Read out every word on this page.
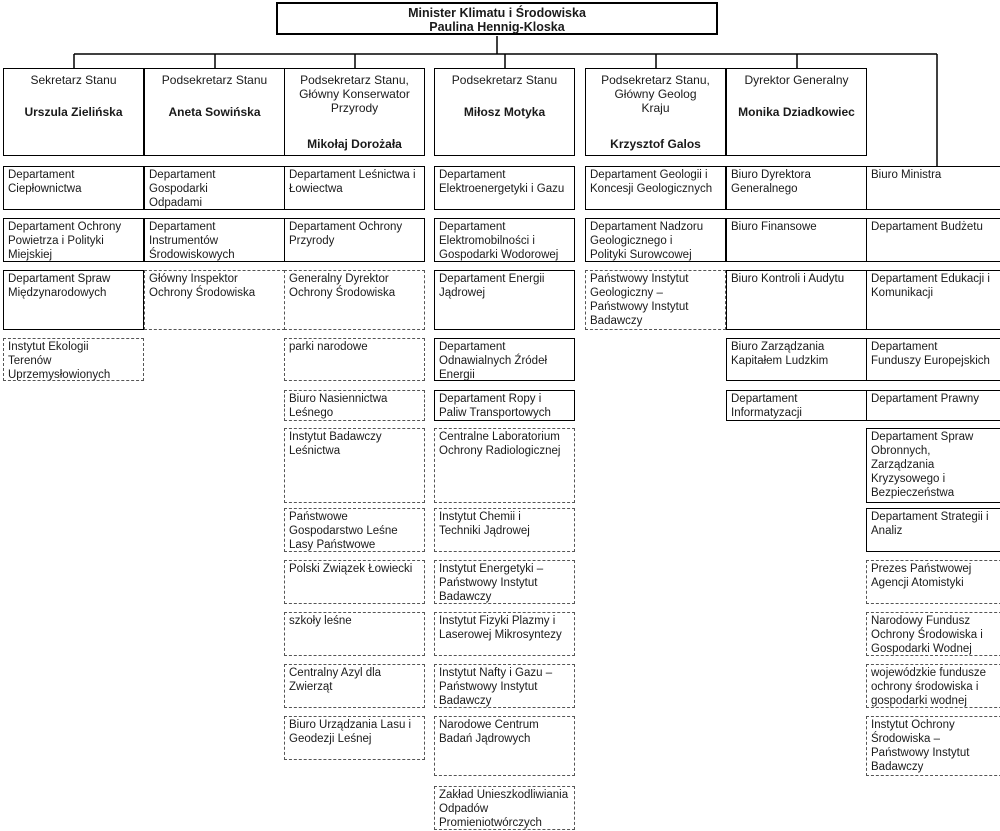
Minister Klimatu i Środowiska
Paulina Hennig-Kloska
Sekretarz Stanu
Urszula Zielińska
Departament
Ciepłownictwa
Departament Ochrony
Powietrza i Polityki
Miejskiej
Departament Spraw
Międzynarodowych
Instytut Ekologii
Terenów
Uprzemysłowionych
Podsekretarz Stanu
Aneta Sowińska
Departament
Gospodarki
Odpadami
Departament
Instrumentów
Środowiskowych
Główny Inspektor
Ochrony Środowiska
Podsekretarz Stanu,
Główny Konserwator
Przyrody
Mikołaj Dorożała
Departament Leśnictwa i
Łowiectwa
Departament Ochrony
Przyrody
Generalny Dyrektor
Ochrony Środowiska
parki narodowe
Biuro Nasiennictwa
Leśnego
Instytut Badawczy
Leśnictwa
Państwowe
Gospodarstwo Leśne
Lasy Państwowe
Polski Związek Łowiecki
szkoły leśne
Centralny Azyl dla
Zwierząt
Biuro Urządzania Lasu i
Geodezji Leśnej
Podsekretarz Stanu
Miłosz Motyka
Departament
Elektroenergetyki i Gazu
Departament
Elektromobilności i
Gospodarki Wodorowej
Departament Energii
Jądrowej
Departament
Odnawialnych Źródeł
Energii
Departament Ropy i
Paliw Transportowych
Centralne Laboratorium
Ochrony Radiologicznej
Instytut Chemii i
Techniki Jądrowej
Instytut Energetyki –
Państwowy Instytut
Badawczy
Instytut Fizyki Plazmy i
Laserowej Mikrosyntezy
Instytut Nafty i Gazu –
Państwowy Instytut
Badawczy
Narodowe Centrum
Badań Jądrowych
Zakład Unieszkodliwiania
Odpadów
Promieniotwórczych
Podsekretarz Stanu,
Główny Geolog
Kraju
Krzysztof Galos
Departament Geologii i
Koncesji Geologicznych
Departament Nadzoru
Geologicznego i
Polityki Surowcowej
Państwowy Instytut
Geologiczny –
Państwowy Instytut
Badawczy
Dyrektor Generalny
Monika Dziadkowiec
Biuro Dyrektora
Generalnego
Biuro Finansowe
Biuro Kontroli i Audytu
Biuro Zarządzania
Kapitałem Ludzkim
Departament
Informatyzacji
Biuro Ministra
Departament Budżetu
Departament Edukacji i
Komunikacji
Departament
Funduszy Europejskich
Departament Prawny
Departament Spraw
Obronnych,
Zarządzania
Kryzysowego i
Bezpieczeństwa
Departament Strategii i
Analiz
Prezes Państwowej
Agencji Atomistyki
Narodowy Fundusz
Ochrony Środowiska i
Gospodarki Wodnej
wojewódzkie fundusze
ochrony środowiska i
gospodarki wodnej
Instytut Ochrony
Środowiska –
Państwowy Instytut
Badawczy
